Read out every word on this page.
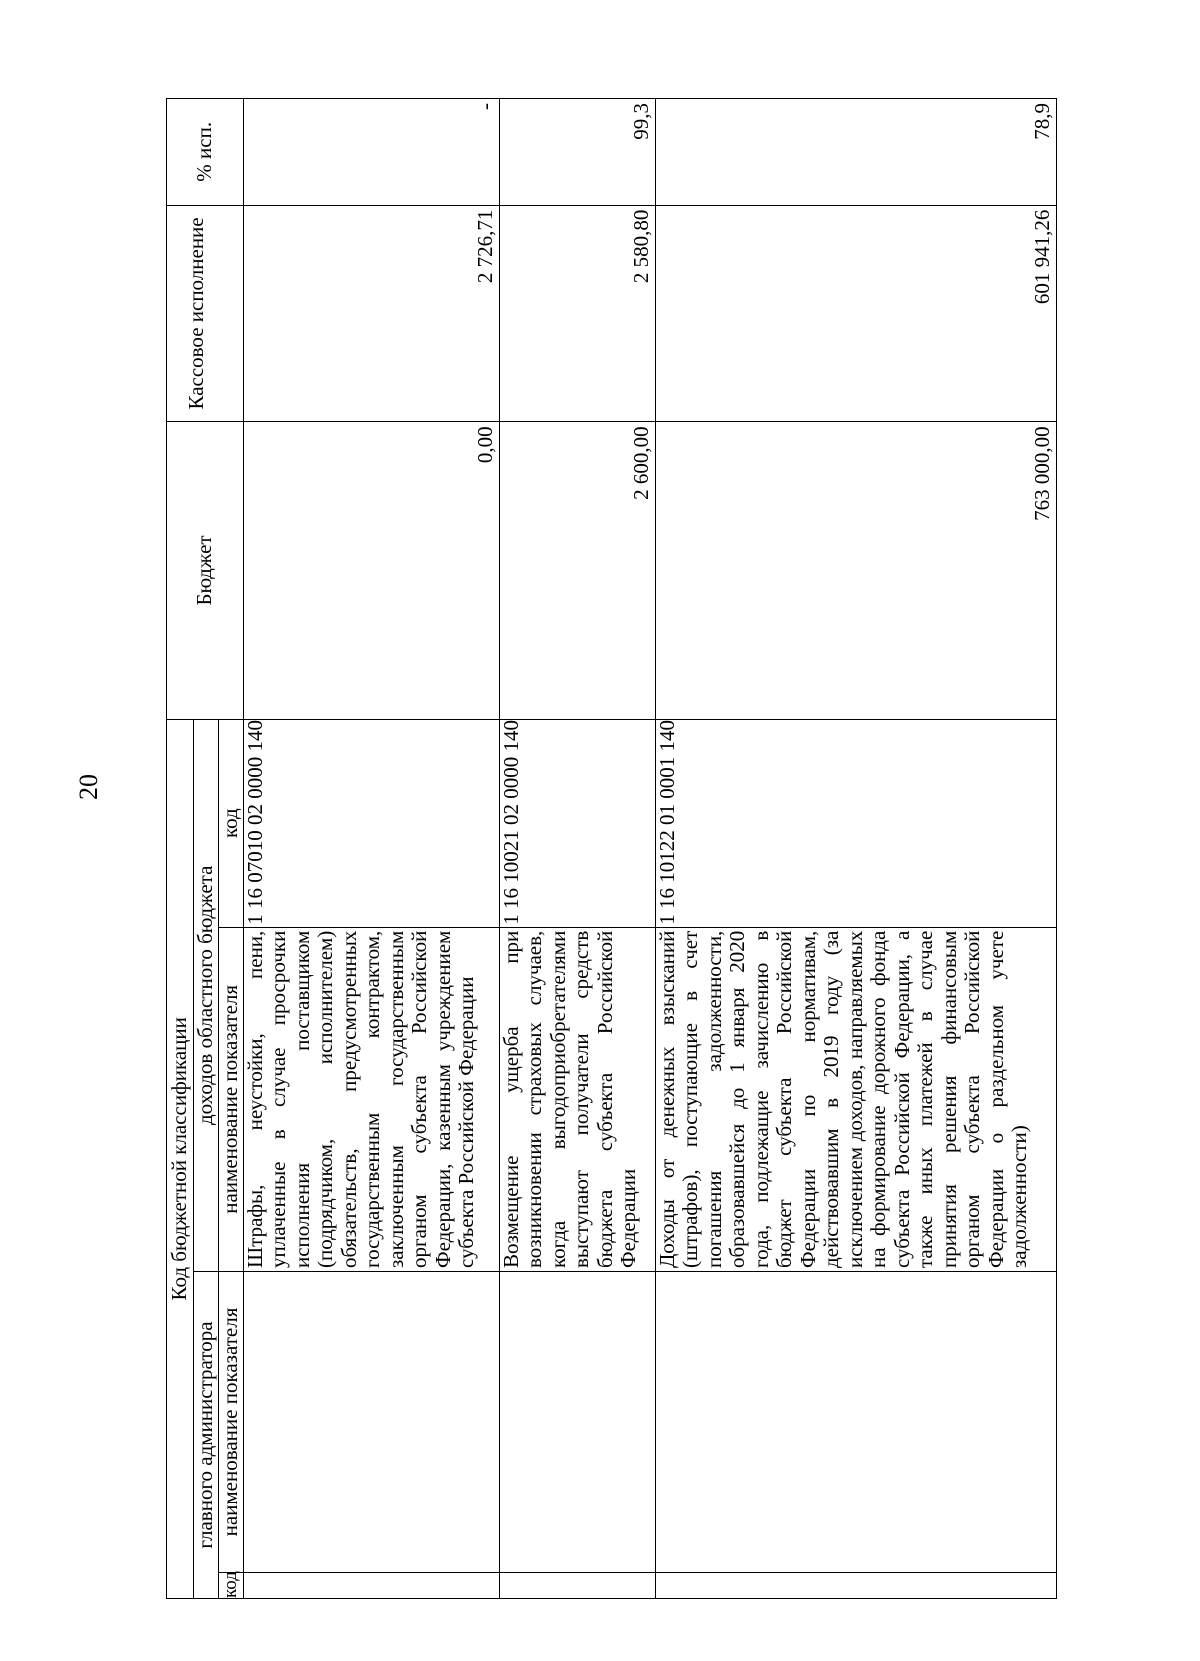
20
Код бюджетной классификации				Бюджет	Кассовое исполнение	% исп.
главного администратора		доходов областного бюджета				
код	наименование показателя	наименование показателя	код			
		Штрафы, неустойки, пени, уплаченные в случае просрочки исполнения поставщиком (подрядчиком, исполнителем) обязательств, предусмотренных государственным контрактом, заключенным государственным органом субъекта Российской Федерации, казенным учреждением субъекта Российской Федерации	1 16 07010 02 0000 140	0,00	2 726,71	-
		Возмещение ущерба при возникновении страховых случаев, когда выгодоприобретателями выступают получатели средств бюджета субъекта Российской Федерации	1 16 10021 02 0000 140	2 600,00	2 580,80	99,3
		Доходы от денежных взысканий (штрафов), поступающие в счет погашения задолженности, образовавшейся до 1 января 2020 года, подлежащие зачислению в бюджет субъекта Российской Федерации по нормативам, действовавшим в 2019 году (за исключением доходов, направляемых на формирование дорожного фонда субъекта Российской Федерации, а также иных платежей в случае принятия решения финансовым органом субъекта Российской Федерации о раздельном учете задолженности)	1 16 10122 01 0001 140	763 000,00	601 941,26	78,9
